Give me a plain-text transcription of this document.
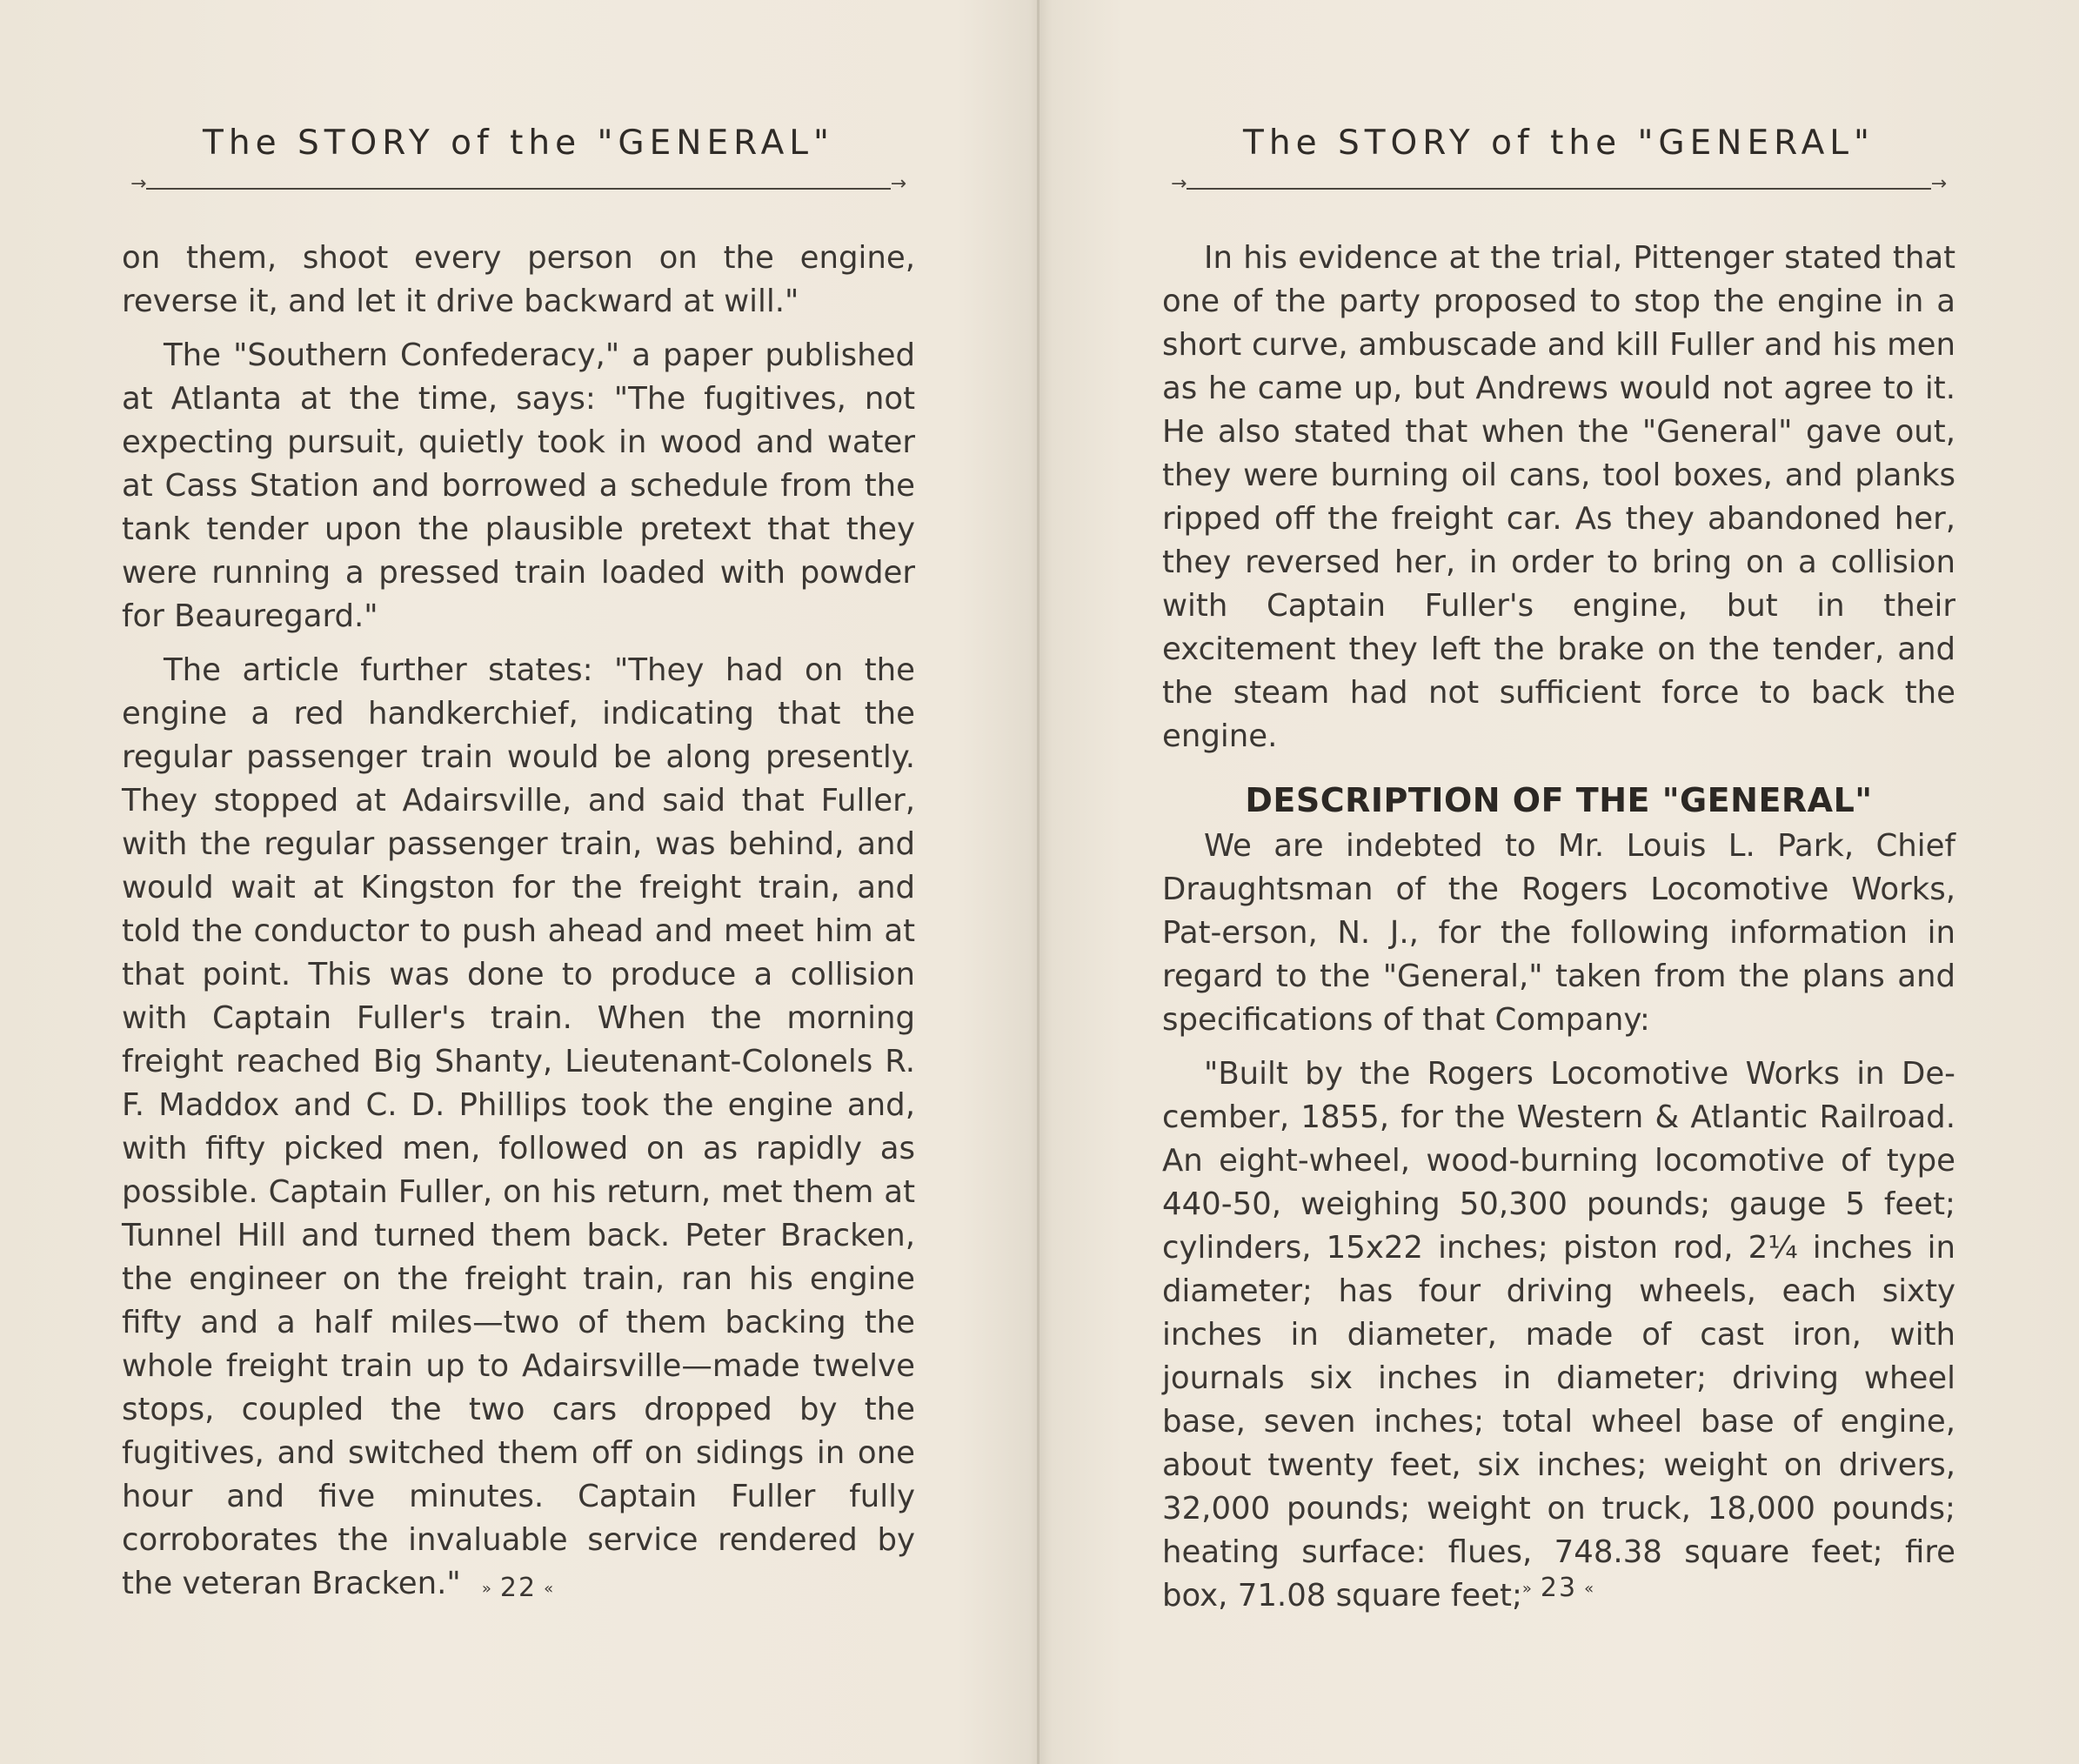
The STORY of the "GENERAL"
→	→

on them, shoot every person on the engine, reverse it, and let it drive backward at will."

The "Southern Confederacy," a paper published at Atlanta at the time, says: "The fugitives, not expecting pursuit, quietly took in wood and water at Cass Station and borrowed a schedule from the tank tender upon the plausible pretext that they were running a pressed train loaded with powder for Beauregard."

The article further states: "They had on the engine a red handkerchief, indicating that the regular passenger train would be along presently. They stopped at Adairsville, and said that Fuller, with the regular passenger train, was behind, and would wait at Kingston for the freight train, and told the conductor to push ahead and meet him at that point. This was done to produce a collision with Captain Fuller's train. When the morning freight reached Big Shanty, Lieutenant-Colonels R. F. Maddox and C. D. Phillips took the engine and, with fifty picked men, followed on as rapidly as possible. Captain Fuller, on his return, met them at Tunnel Hill and turned them back. Peter Bracken, the engineer on the freight train, ran his engine fifty and a half miles—two of them backing the whole freight train up to Adairsville—made twelve stops, coupled the two cars dropped by the fugitives, and switched them off on sidings in one hour and five minutes. Captain Fuller fully corroborates the invaluable service rendered by the veteran Bracken."	» 22 «
The STORY of the "GENERAL"
→	→

In his evidence at the trial, Pittenger stated that one of the party proposed to stop the engine in a short curve, ambuscade and kill Fuller and his men as he came up, but Andrews would not agree to it. He also stated that when the "General" gave out, they were burning oil cans, tool boxes, and planks ripped off the freight car. As they abandoned her, they reversed her, in order to bring on a collision with Captain Fuller's engine, but in their excitement they left the brake on the tender, and the steam had not sufficient force to back the engine.

DESCRIPTION OF THE "GENERAL"

We are indebted to Mr. Louis L. Park, Chief Draughtsman of the Rogers Locomotive Works, Pat-erson, N. J., for the following information in regard to the "General," taken from the plans and specifications of that Company:

"Built by the Rogers Locomotive Works in De-cember, 1855, for the Western & Atlantic Railroad. An eight-wheel, wood-burning locomotive of type 440-50, weighing 50,300 pounds; gauge 5 feet; cylinders, 15x22 inches; piston rod, 2¼ inches in diameter; has four driving wheels, each sixty inches in diameter, made of cast iron, with journals six inches in diameter; driving wheel base, seven inches; total wheel base of engine, about twenty feet, six inches; weight on drivers, 32,000 pounds; weight on truck, 18,000 pounds; heating surface: flues, 748.38 square feet; fire box, 71.08 square feet; » 23 «
